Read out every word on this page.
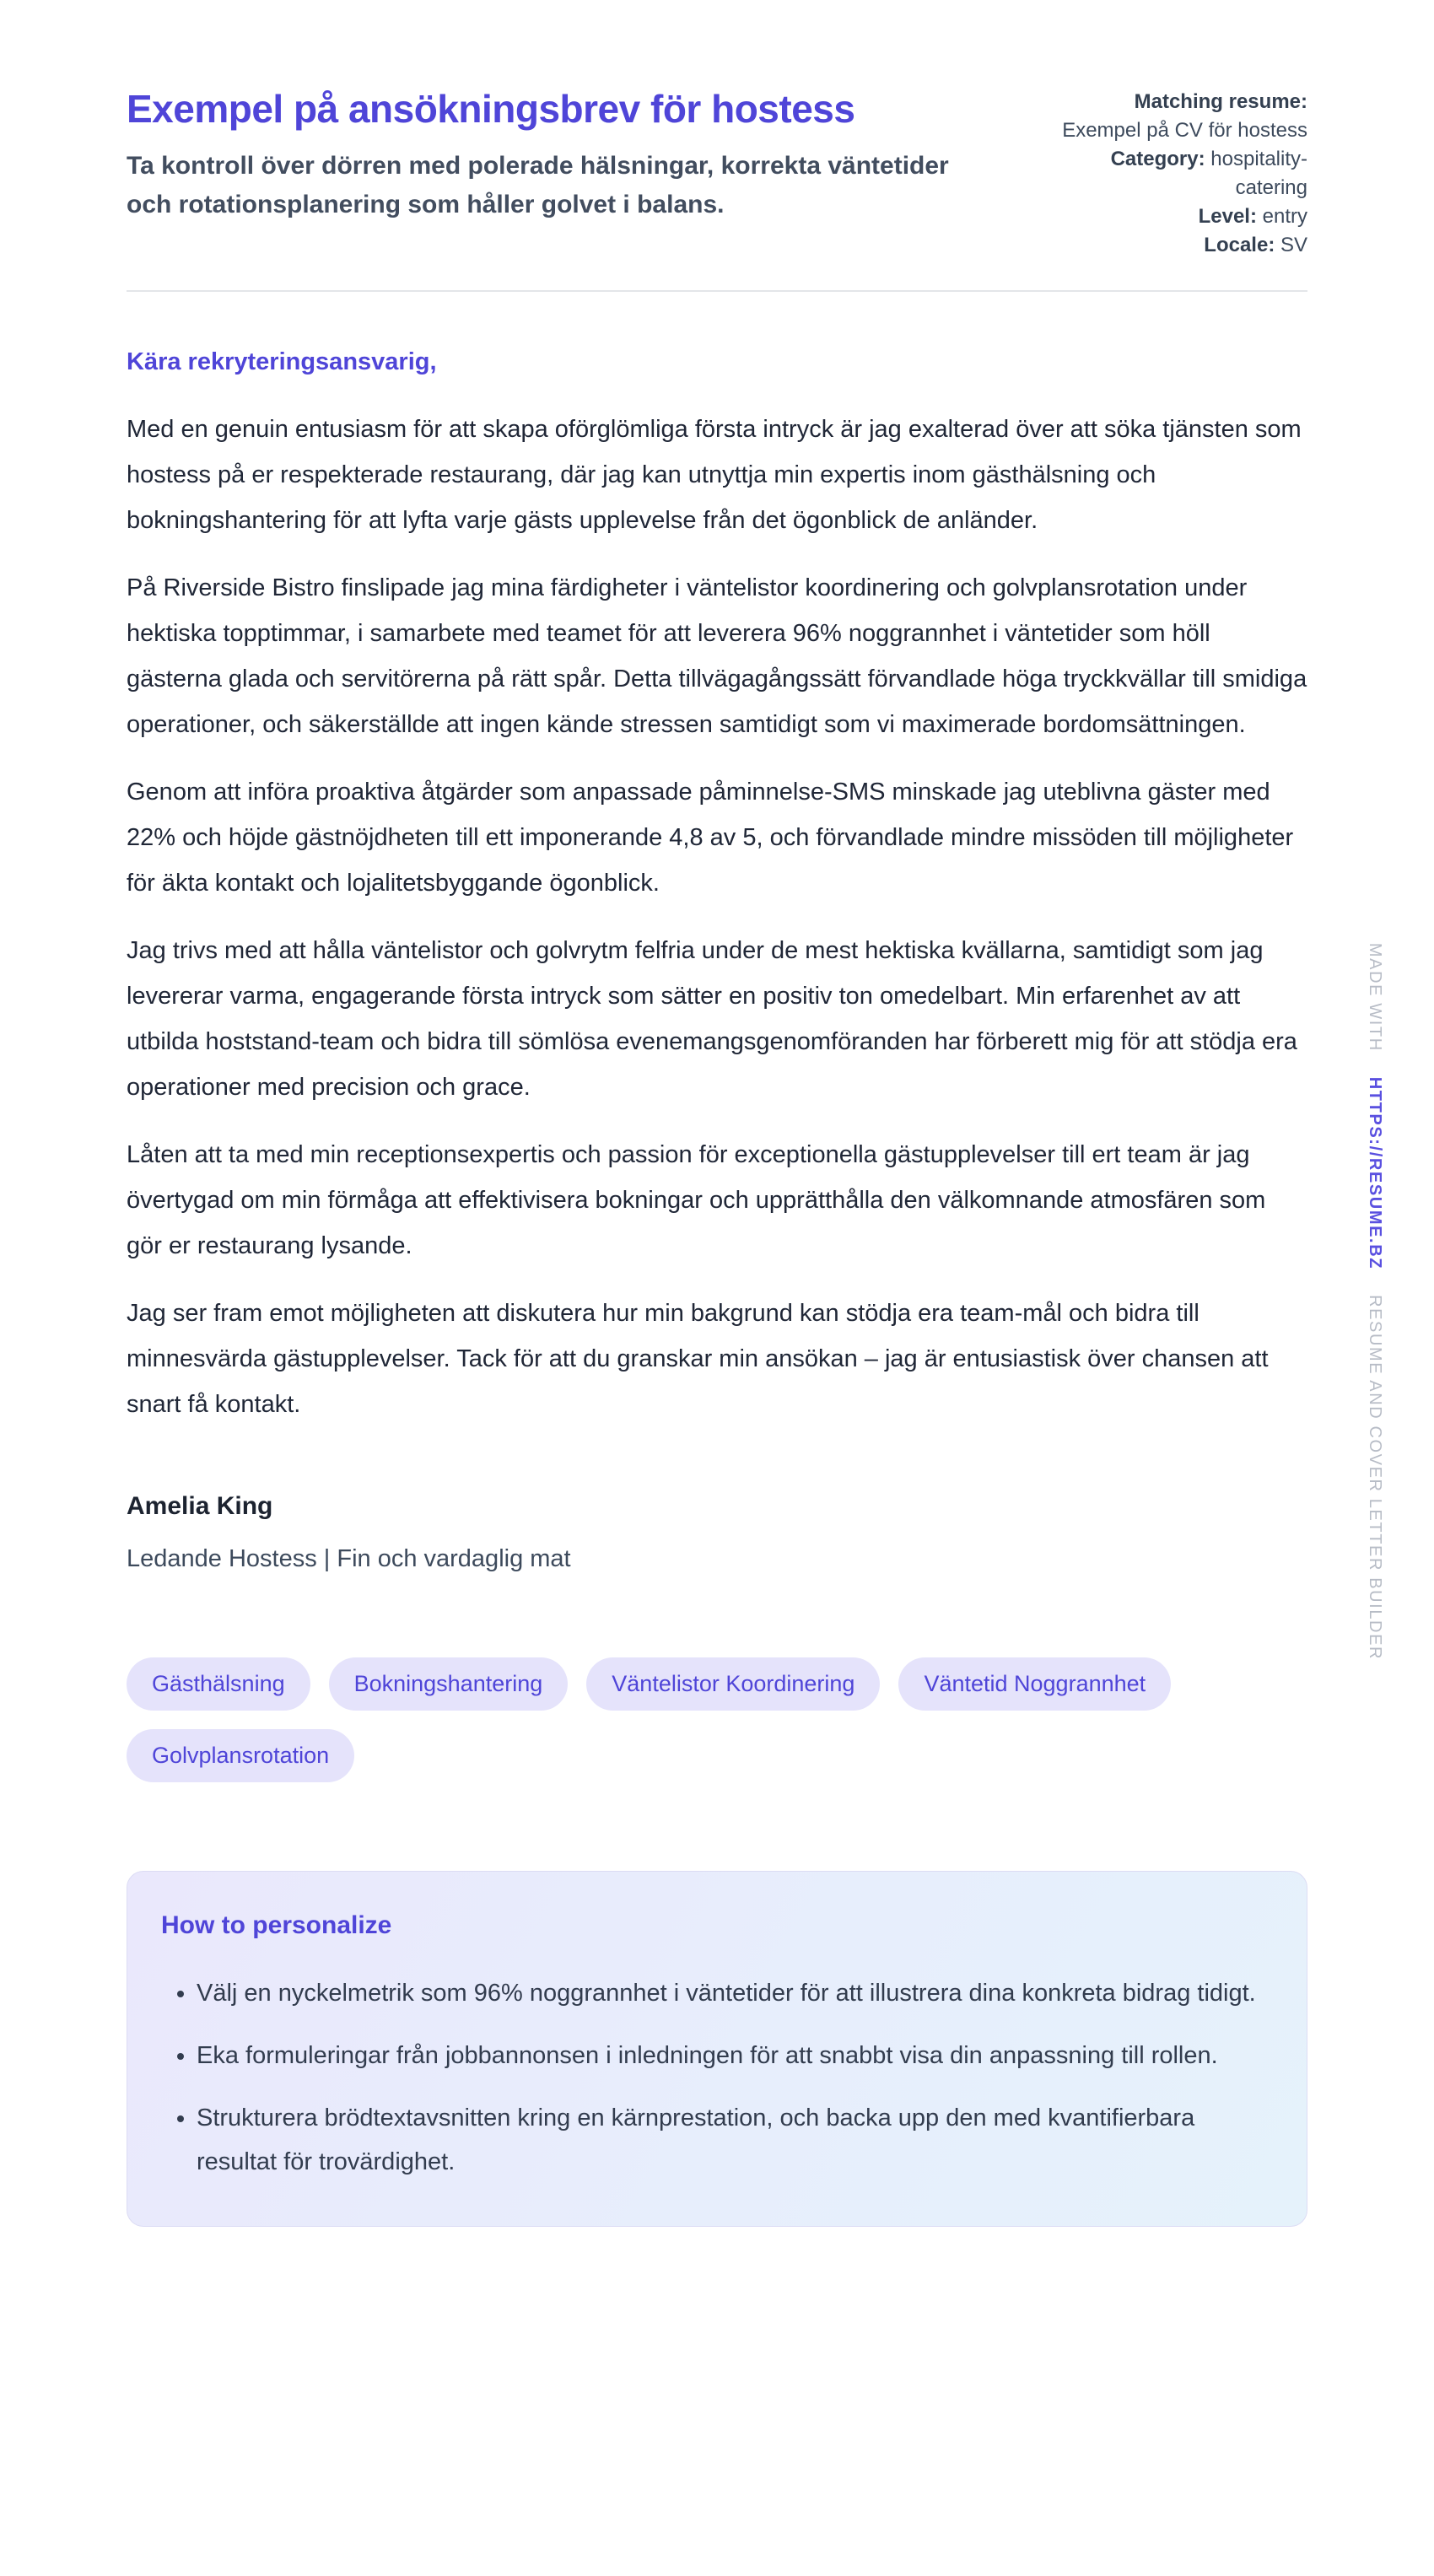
Exempel på ansökningsbrev för hostess

Ta kontroll över dörren med polerade hälsningar, korrekta väntetider och rotationsplanering som håller golvet i balans.

Matching resume: Exempel på CV för hostess
Category: hospitality-catering
Level: entry
Locale: SV

Kära rekryteringsansvarig,

Med en genuin entusiasm för att skapa oförglömliga första intryck är jag exalterad över att söka tjänsten som hostess på er respekterade restaurang, där jag kan utnyttja min expertis inom gästhälsning och bokningshantering för att lyfta varje gästs upplevelse från det ögonblick de anländer.

På Riverside Bistro finslipade jag mina färdigheter i väntelistor koordinering och golvplansrotation under hektiska topptimmar, i samarbete med teamet för att leverera 96% noggrannhet i väntetider som höll gästerna glada och servitörerna på rätt spår. Detta tillvägagångssätt förvandlade höga tryckkvällar till smidiga operationer, och säkerställde att ingen kände stressen samtidigt som vi maximerade bordomsättningen.

Genom att införa proaktiva åtgärder som anpassade påminnelse-SMS minskade jag uteblivna gäster med 22% och höjde gästnöjdheten till ett imponerande 4,8 av 5, och förvandlade mindre missöden till möjligheter för äkta kontakt och lojalitetsbyggande ögonblick.

Jag trivs med att hålla väntelistor och golvrytm felfria under de mest hektiska kvällarna, samtidigt som jag levererar varma, engagerande första intryck som sätter en positiv ton omedelbart. Min erfarenhet av att utbilda hoststand-team och bidra till sömlösa evenemangsgenomföranden har förberett mig för att stödja era operationer med precision och grace.

Låten att ta med min receptionsexpertis och passion för exceptionella gästupplevelser till ert team är jag övertygad om min förmåga att effektivisera bokningar och upprätthålla den välkomnande atmosfären som gör er restaurang lysande.

Jag ser fram emot möjligheten att diskutera hur min bakgrund kan stödja era team-mål och bidra till minnesvärda gästupplevelser. Tack för att du granskar min ansökan – jag är entusiastisk över chansen att snart få kontakt.

Amelia King

Ledande Hostess | Fin och vardaglig mat

Gästhälsning	Bokningshantering	Väntelistor Koordinering	Väntetid Noggrannhet
Golvplansrotation
How to personalize
• Välj en nyckelmetrik som 96% noggrannhet i väntetider för att illustrera dina konkreta bidrag tidigt.
• Eka formuleringar från jobbannonsen i inledningen för att snabbt visa din anpassning till rollen.
• Strukturera brödtextavsnitten kring en kärnprestation, och backa upp den med kvantifierbara resultat för trovärdighet.
MADE WITH
HTTPS://RESUME.BZ
RESUME AND COVER LETTER BUILDER
